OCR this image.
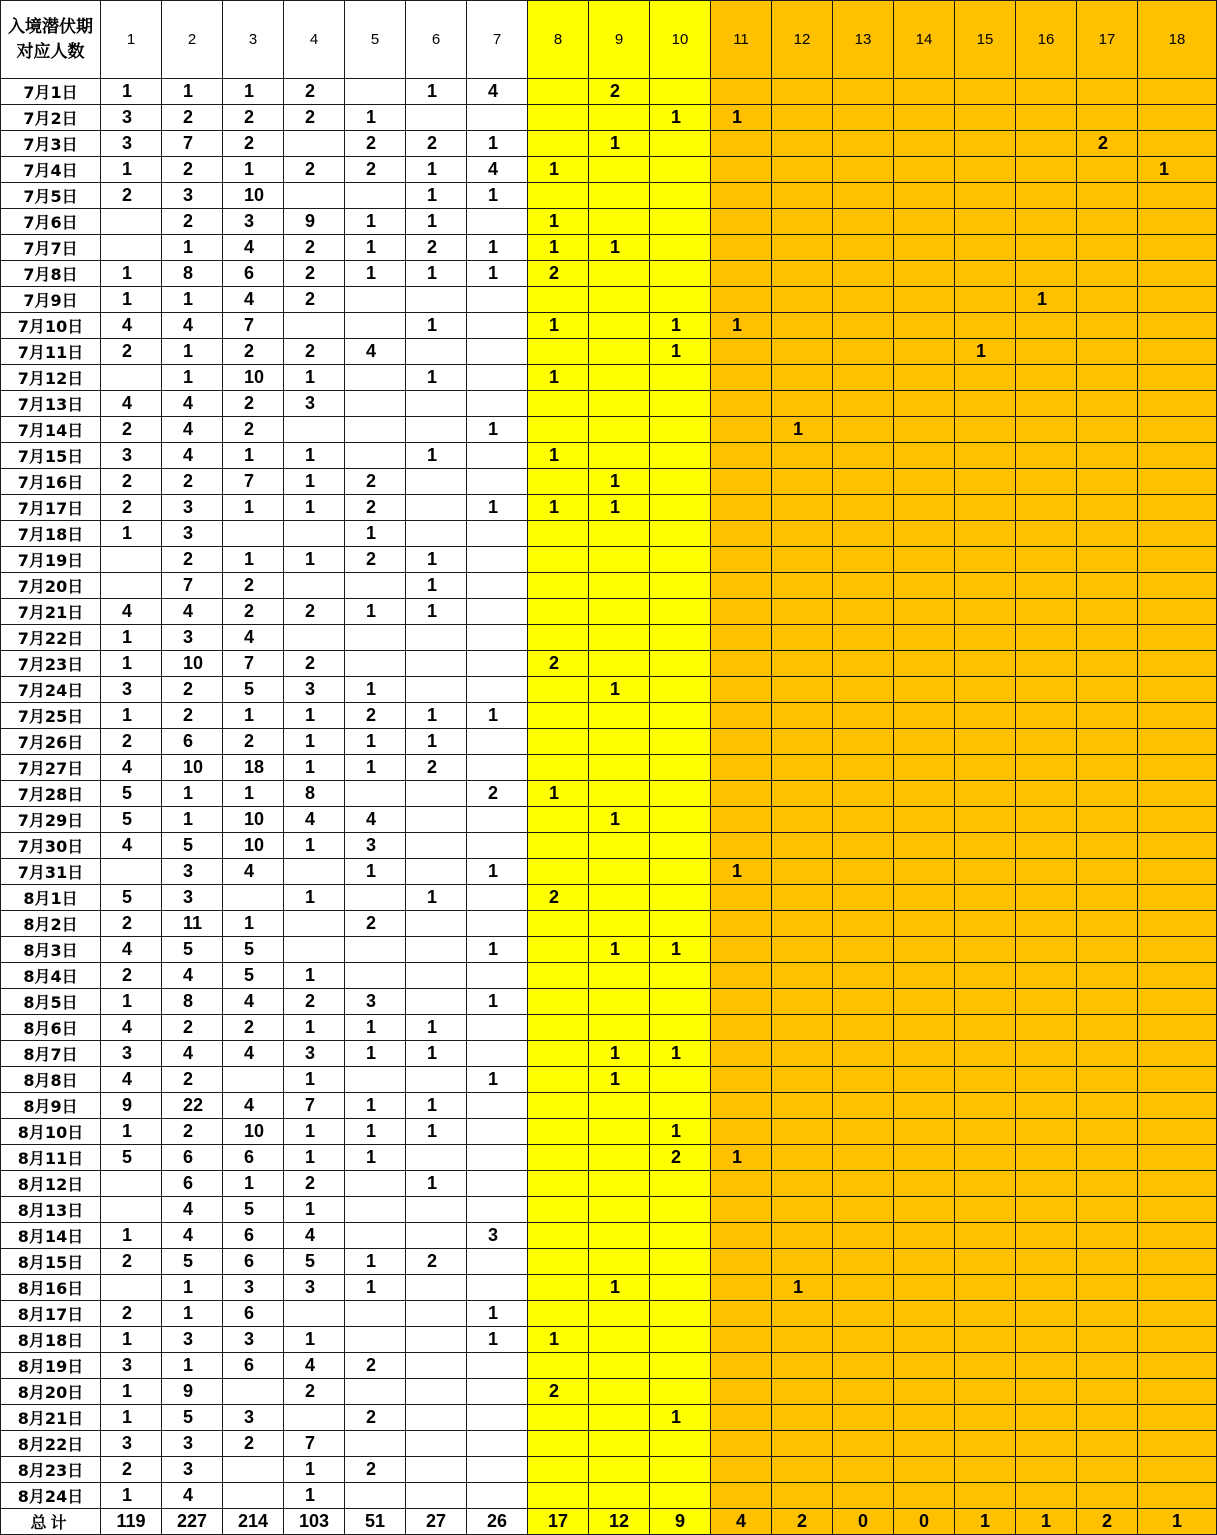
入境潜伏期对应人数	1	2	3	4	5	6	7	8	9	10	11	12	13	14	15	16	17	18
7月1日	1	1	1	2		1	4		2									
7月2日	3	2	2	2	1					1	1							
7月3日	3	7	2		2	2	1		1								2	
7月4日	1	2	1	2	2	1	4	1										1
7月5日	2	3	10			1	1											
7月6日		2	3	9	1	1		1										
7月7日		1	4	2	1	2	1	1	1									
7月8日	1	8	6	2	1	1	1	2										
7月9日	1	1	4	2												1		
7月10日	4	4	7			1		1		1	1							
7月11日	2	1	2	2	4					1					1			
7月12日		1	10	1		1		1										
7月13日	4	4	2	3														
7月14日	2	4	2				1					1						
7月15日	3	4	1	1		1		1										
7月16日	2	2	7	1	2				1									
7月17日	2	3	1	1	2		1	1	1									
7月18日	1	3			1													
7月19日		2	1	1	2	1												
7月20日		7	2			1												
7月21日	4	4	2	2	1	1												
7月22日	1	3	4															
7月23日	1	10	7	2				2										
7月24日	3	2	5	3	1				1									
7月25日	1	2	1	1	2	1	1											
7月26日	2	6	2	1	1	1												
7月27日	4	10	18	1	1	2												
7月28日	5	1	1	8			2	1										
7月29日	5	1	10	4	4				1									
7月30日	4	5	10	1	3													
7月31日		3	4		1		1				1							
8月1日	5	3		1		1		2										
8月2日	2	11	1		2													
8月3日	4	5	5				1		1	1								
8月4日	2	4	5	1														
8月5日	1	8	4	2	3		1											
8月6日	4	2	2	1	1	1												
8月7日	3	4	4	3	1	1			1	1								
8月8日	4	2		1			1		1									
8月9日	9	22	4	7	1	1												
8月10日	1	2	10	1	1	1				1								
8月11日	5	6	6	1	1					2	1							
8月12日		6	1	2		1												
8月13日		4	5	1														
8月14日	1	4	6	4			3											
8月15日	2	5	6	5	1	2												
8月16日		1	3	3	1				1			1						
8月17日	2	1	6				1											
8月18日	1	3	3	1			1	1										
8月19日	3	1	6	4	2													
8月20日	1	9		2				2										
8月21日	1	5	3		2					1								
8月22日	3	3	2	7														
8月23日	2	3		1	2													
8月24日	1	4		1														
总计	119	227	214	103	51	27	26	17	12	9	4	2	0	0	1	1	2	1
